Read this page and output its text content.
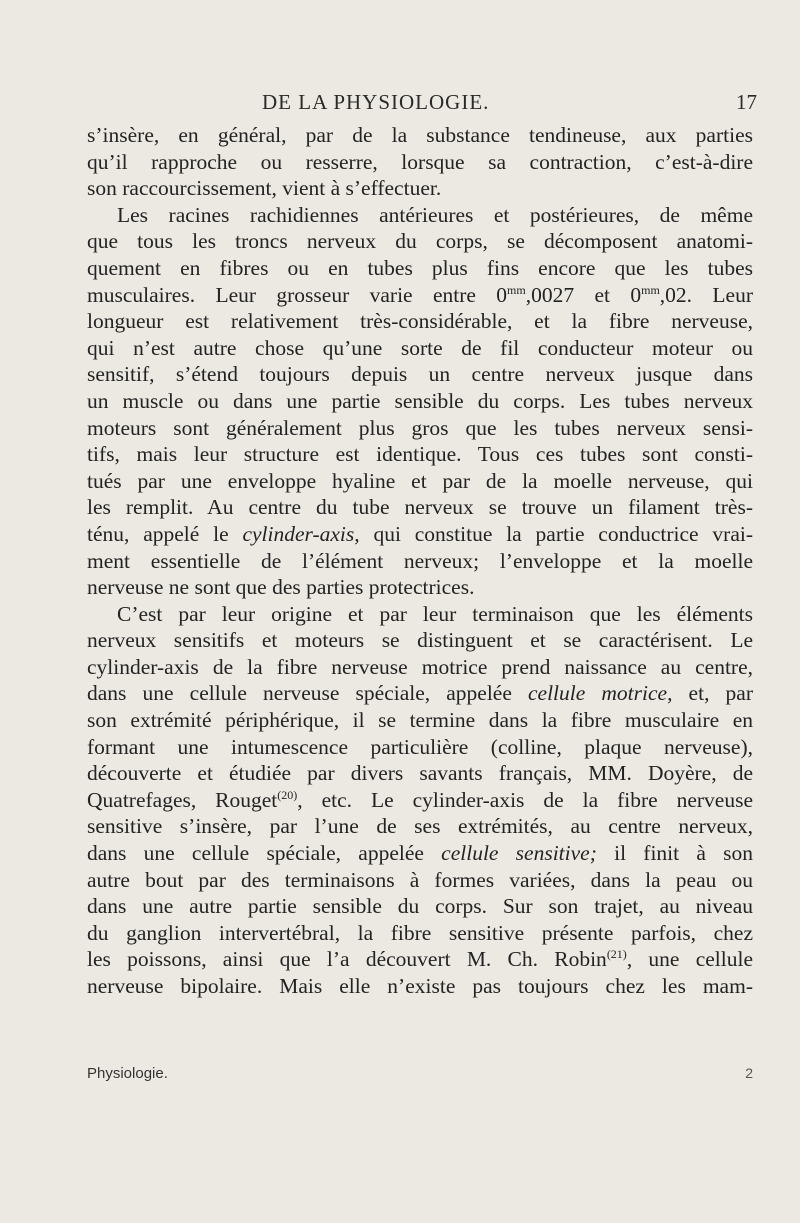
DE LA PHYSIOLOGIE.	17
s’insère, en général, par de la substance tendineuse, aux parties
qu’il rapproche ou resserre, lorsque sa contraction, c’est-à-dire
son raccourcissement, vient à s’effectuer.
Les racines rachidiennes antérieures et postérieures, de même
que tous les troncs nerveux du corps, se décomposent anatomi-
quement en fibres ou en tubes plus fins encore que les tubes
musculaires. Leur grosseur varie entre $0^{mm},0027$ et $0^{mm},02$. Leur
longueur est relativement très-considérable, et la fibre nerveuse,
qui n’est autre chose qu’une sorte de fil conducteur moteur ou
sensitif, s’étend toujours depuis un centre nerveux jusque dans
un muscle ou dans une partie sensible du corps. Les tubes nerveux
moteurs sont généralement plus gros que les tubes nerveux sensi-
tifs, mais leur structure est identique. Tous ces tubes sont consti-
tués par une enveloppe hyaline et par de la moelle nerveuse, qui
les remplit. Au centre du tube nerveux se trouve un filament très-
ténu, appelé le cylinder-axis, qui constitue la partie conductrice vrai-
ment essentielle de l’élément nerveux; l’enveloppe et la moelle
nerveuse ne sont que des parties protectrices.
C’est par leur origine et par leur terminaison que les éléments
nerveux sensitifs et moteurs se distinguent et se caractérisent. Le
cylinder-axis de la fibre nerveuse motrice prend naissance au centre,
dans une cellule nerveuse spéciale, appelée cellule motrice, et, par
son extrémité périphérique, il se termine dans la fibre musculaire en
formant une intumescence particulière (colline, plaque nerveuse),
découverte et étudiée par divers savants français, MM. Doyère, de
Quatrefages, Rouget$^{(20)}$, etc. Le cylinder-axis de la fibre nerveuse
sensitive s’insère, par l’une de ses extrémités, au centre nerveux,
dans une cellule spéciale, appelée cellule sensitive; il finit à son
autre bout par des terminaisons à formes variées, dans la peau ou
dans une autre partie sensible du corps. Sur son trajet, au niveau
du ganglion intervertébral, la fibre sensitive présente parfois, chez
les poissons, ainsi que l’a découvert M. Ch. Robin$^{(21)}$, une cellule
nerveuse bipolaire. Mais elle n’existe pas toujours chez les mam-
Physiologie.	2
